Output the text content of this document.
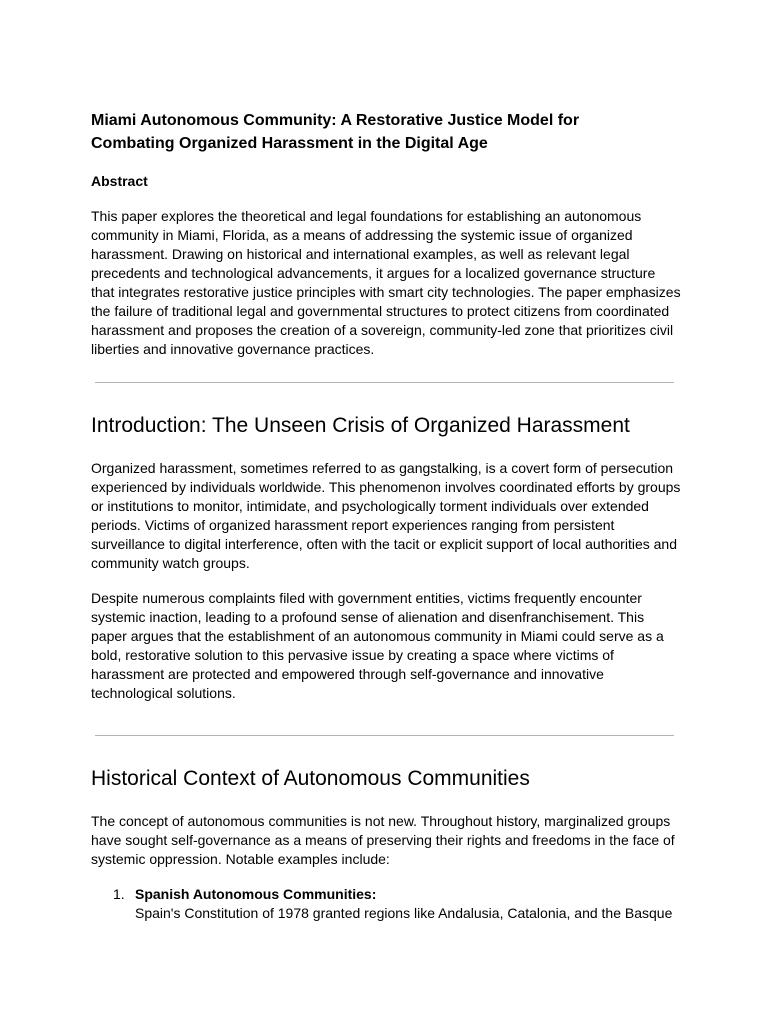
Miami Autonomous Community: A Restorative Justice Model for
Combating Organized Harassment in the Digital Age
Abstract

This paper explores the theoretical and legal foundations for establishing an autonomous community in Miami, Florida, as a means of addressing the systemic issue of organized harassment. Drawing on historical and international examples, as well as relevant legal precedents and technological advancements, it argues for a localized governance structure that integrates restorative justice principles with smart city technologies. The paper emphasizes the failure of traditional legal and governmental structures to protect citizens from coordinated harassment and proposes the creation of a sovereign, community-led zone that prioritizes civil liberties and innovative governance practices.

Introduction: The Unseen Crisis of Organized Harassment

Organized harassment, sometimes referred to as gangstalking, is a covert form of persecution experienced by individuals worldwide. This phenomenon involves coordinated efforts by groups or institutions to monitor, intimidate, and psychologically torment individuals over extended periods. Victims of organized harassment report experiences ranging from persistent surveillance to digital interference, often with the tacit or explicit support of local authorities and community watch groups.

Despite numerous complaints filed with government entities, victims frequently encounter systemic inaction, leading to a profound sense of alienation and disenfranchisement. This paper argues that the establishment of an autonomous community in Miami could serve as a bold, restorative solution to this pervasive issue by creating a space where victims of harassment are protected and empowered through self-governance and innovative technological solutions.

Historical Context of Autonomous Communities

The concept of autonomous communities is not new. Throughout history, marginalized groups have sought self-governance as a means of preserving their rights and freedoms in the face of systemic oppression. Notable examples include:

1. Spanish Autonomous Communities:
Spain's Constitution of 1978 granted regions like Andalusia, Catalonia, and the Basque
